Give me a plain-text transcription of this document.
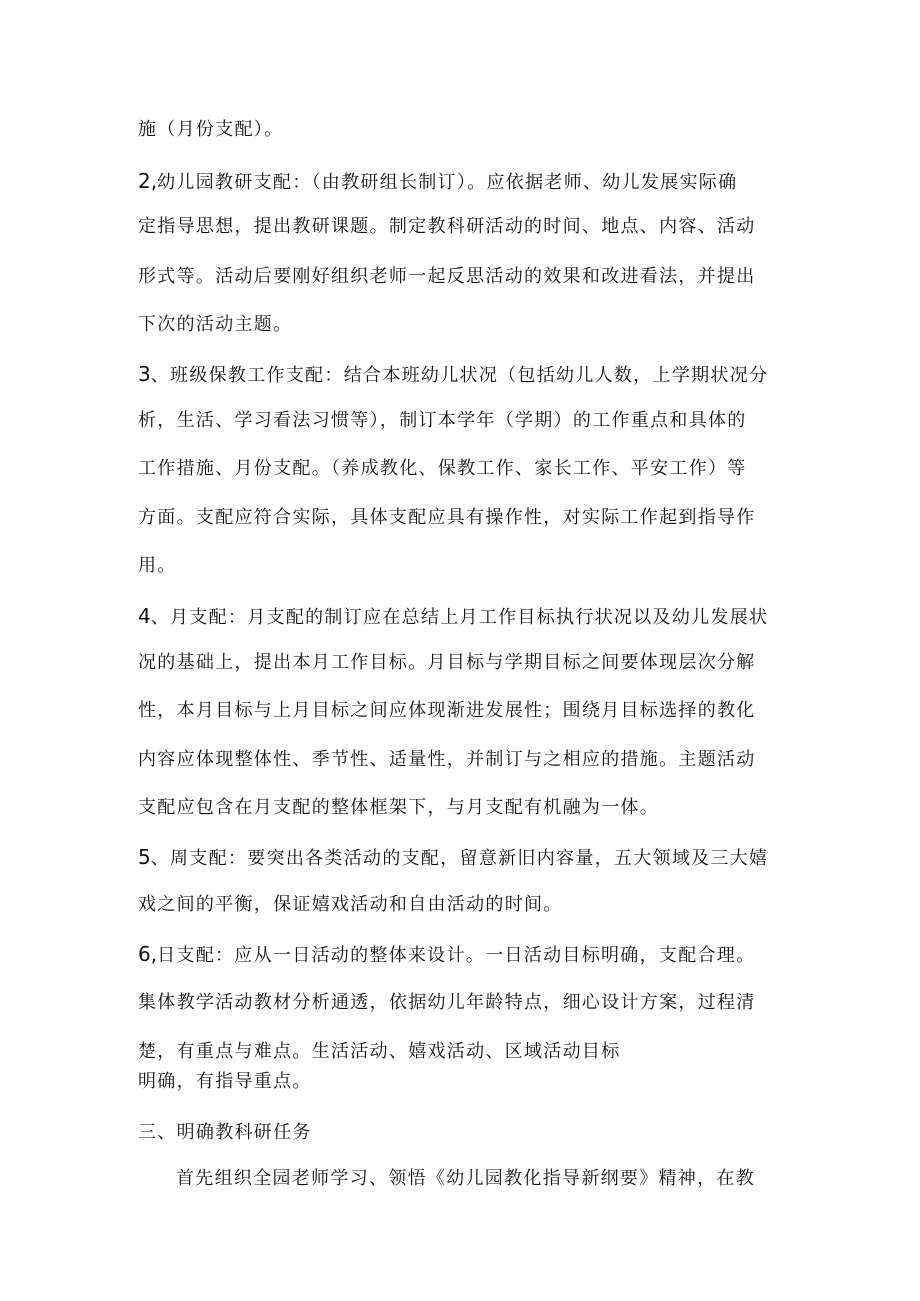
施（月份支配）。
2,幼儿园教研支配：（由教研组长制订）。应依据老师、幼儿发展实际确
定指导思想，提出教研课题。制定教科研活动的时间、地点、内容、活动
形式等。活动后要刚好组织老师一起反思活动的效果和改进看法，并提出
下次的活动主题。
3、班级保教工作支配：结合本班幼儿状况（包括幼儿人数，上学期状况分
析，生活、学习看法习惯等），制订本学年（学期）的工作重点和具体的
工作措施、月份支配。（养成教化、保教工作、家长工作、平安工作）等
方面。支配应符合实际，具体支配应具有操作性，对实际工作起到指导作
用。
4、月支配：月支配的制订应在总结上月工作目标执行状况以及幼儿发展状
况的基础上，提出本月工作目标。月目标与学期目标之间要体现层次分解
性，本月目标与上月目标之间应体现渐进发展性；围绕月目标选择的教化
内容应体现整体性、季节性、适量性，并制订与之相应的措施。主题活动
支配应包含在月支配的整体框架下，与月支配有机融为一体。
5、周支配：要突出各类活动的支配，留意新旧内容量，五大领域及三大嬉
戏之间的平衡，保证嬉戏活动和自由活动的时间。
6,日支配：应从一日活动的整体来设计。一日活动目标明确，支配合理。
集体教学活动教材分析通透，依据幼儿年龄特点，细心设计方案，过程清
楚，有重点与难点。生活活动、嬉戏活动、区域活动目标
明确，有指导重点。
三、明确教科研任务
首先组织全园老师学习、领悟《幼儿园教化指导新纲要》精神，在教
